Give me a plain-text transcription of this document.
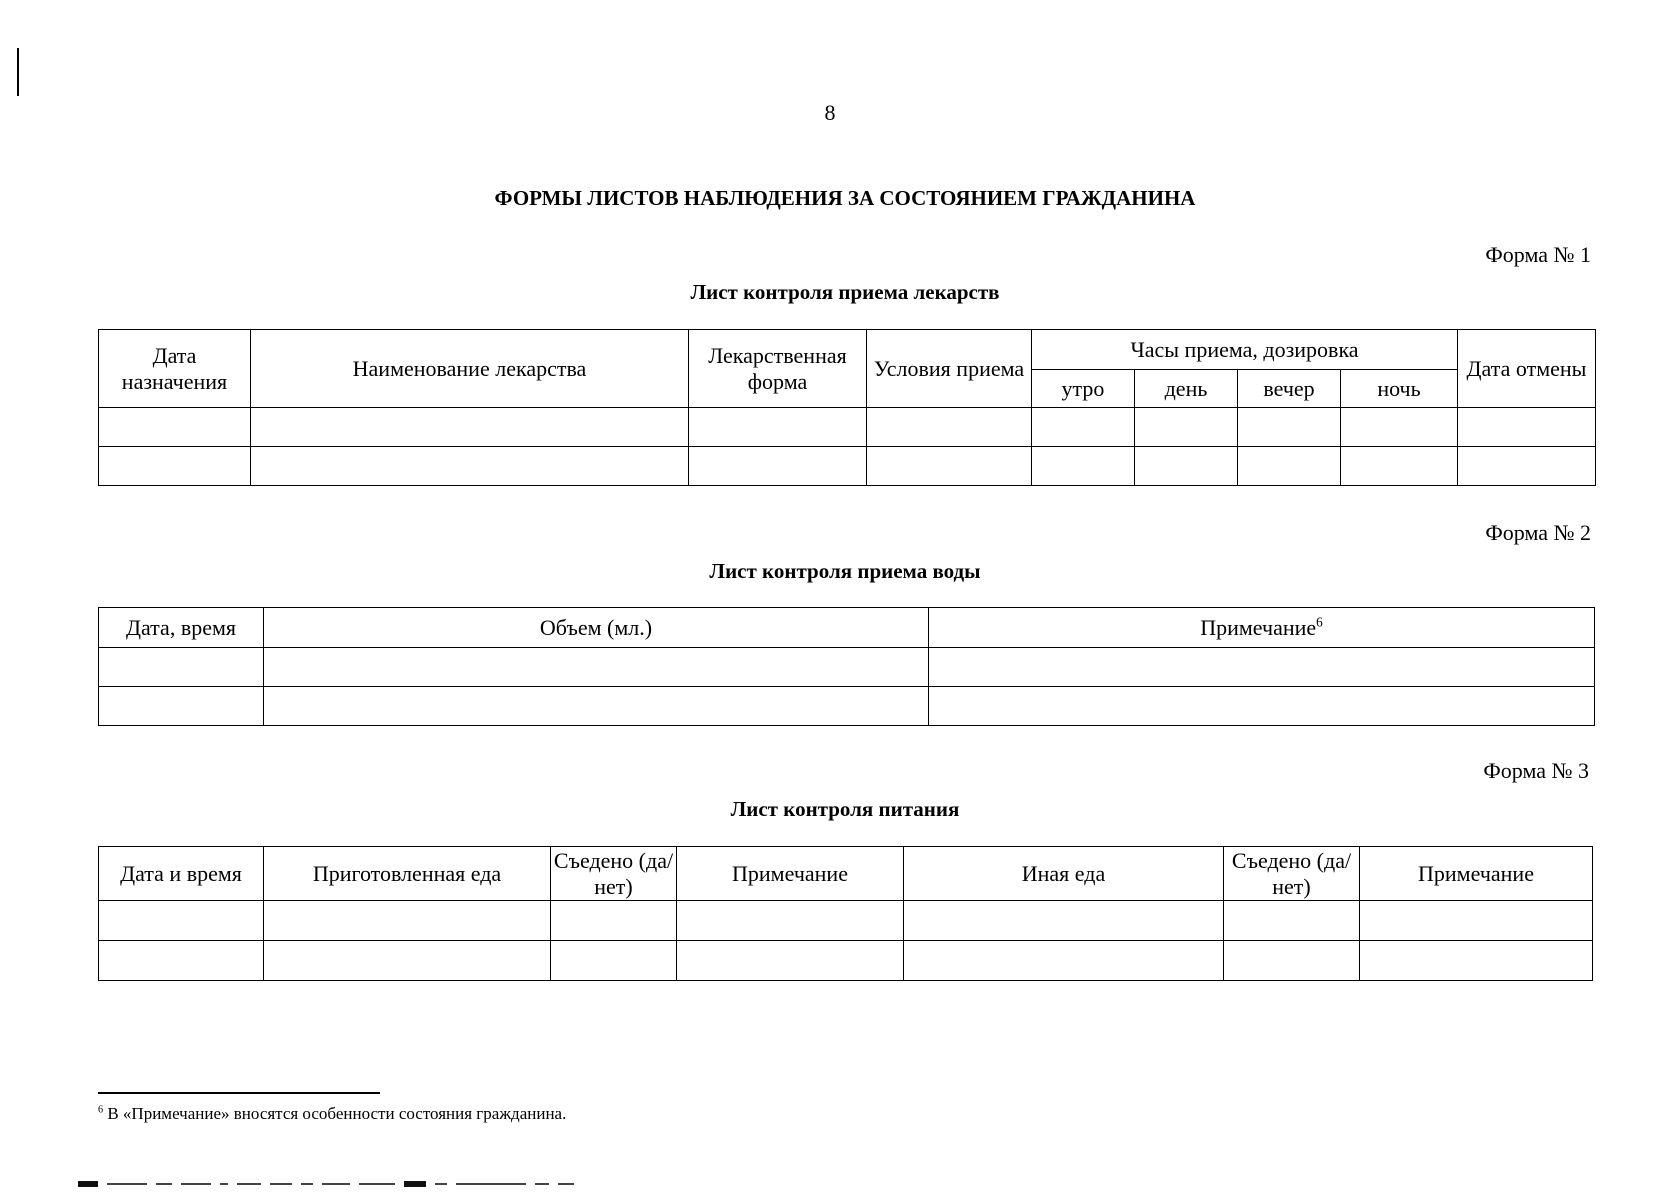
8
ФОРМЫ ЛИСТОВ НАБЛЮДЕНИЯ ЗА СОСТОЯНИЕМ ГРАЖДАНИНА
Форма № 1
Лист контроля приема лекарств
Дата назначения	Наименование лекарства	Лекарственная форма	Условия приема	Часы приема, дозировка				Дата отмены
				утро	день	вечер	ночь	

Форма № 2
Лист контроля приема воды
Дата, время	Объем (мл.)	Примечание$^6$

Форма № 3
Лист контроля питания
Дата и время	Приготовленная еда	Съедено (да/нет)	Примечание	Иная еда	Съедено (да/нет)	Примечание

$^6$ В «Примечание» вносятся особенности состояния гражданина.
